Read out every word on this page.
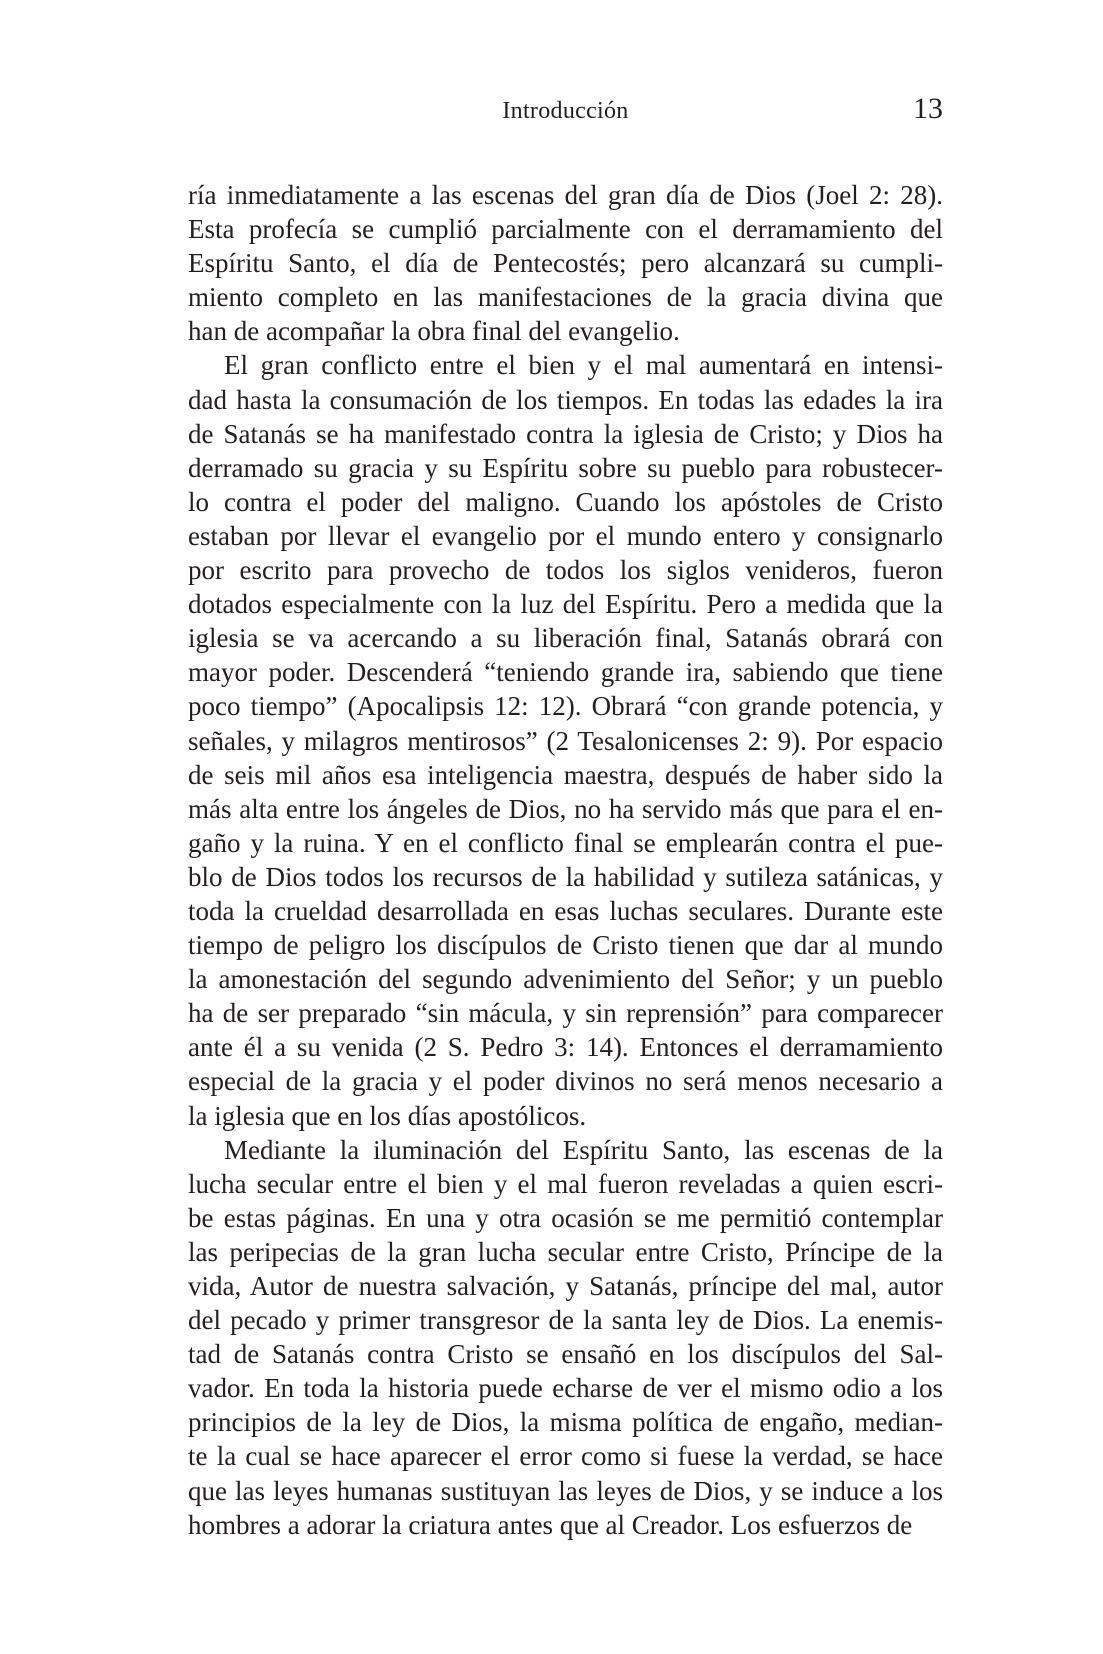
Introducción	13
ría inmediatamente a las escenas del gran día de Dios (Joel 2: 28).
Esta profecía se cumplió parcialmente con el derramamiento del
Espíritu Santo, el día de Pentecostés; pero alcanzará su cumpli-
miento completo en las manifestaciones de la gracia divina que
han de acompañar la obra final del evangelio.
El gran conflicto entre el bien y el mal aumentará en intensi-
dad hasta la consumación de los tiempos. En todas las edades la ira
de Satanás se ha manifestado contra la iglesia de Cristo; y Dios ha
derramado su gracia y su Espíritu sobre su pueblo para robustecer-
lo contra el poder del maligno. Cuando los apóstoles de Cristo
estaban por llevar el evangelio por el mundo entero y consignarlo
por escrito para provecho de todos los siglos venideros, fueron
dotados especialmente con la luz del Espíritu. Pero a medida que la
iglesia se va acercando a su liberación final, Satanás obrará con
mayor poder. Descenderá “teniendo grande ira, sabiendo que tiene
poco tiempo” (Apocalipsis 12: 12). Obrará “con grande potencia, y
señales, y milagros mentirosos” (2 Tesalonicenses 2: 9). Por espacio
de seis mil años esa inteligencia maestra, después de haber sido la
más alta entre los ángeles de Dios, no ha servido más que para el en-
gaño y la ruina. Y en el conflicto final se emplearán contra el pue-
blo de Dios todos los recursos de la habilidad y sutileza satánicas, y
toda la crueldad desarrollada en esas luchas seculares. Durante este
tiempo de peligro los discípulos de Cristo tienen que dar al mundo
la amonestación del segundo advenimiento del Señor; y un pueblo
ha de ser preparado “sin mácula, y sin reprensión” para comparecer
ante él a su venida (2 S. Pedro 3: 14). Entonces el derramamiento
especial de la gracia y el poder divinos no será menos necesario a
la iglesia que en los días apostólicos.
Mediante la iluminación del Espíritu Santo, las escenas de la
lucha secular entre el bien y el mal fueron reveladas a quien escri-
be estas páginas. En una y otra ocasión se me permitió contemplar
las peripecias de la gran lucha secular entre Cristo, Príncipe de la
vida, Autor de nuestra salvación, y Satanás, príncipe del mal, autor
del pecado y primer transgresor de la santa ley de Dios. La enemis-
tad de Satanás contra Cristo se ensañó en los discípulos del Sal-
vador. En toda la historia puede echarse de ver el mismo odio a los
principios de la ley de Dios, la misma política de engaño, median-
te la cual se hace aparecer el error como si fuese la verdad, se hace
que las leyes humanas sustituyan las leyes de Dios, y se induce a los
hombres a adorar la criatura antes que al Creador. Los esfuerzos de
